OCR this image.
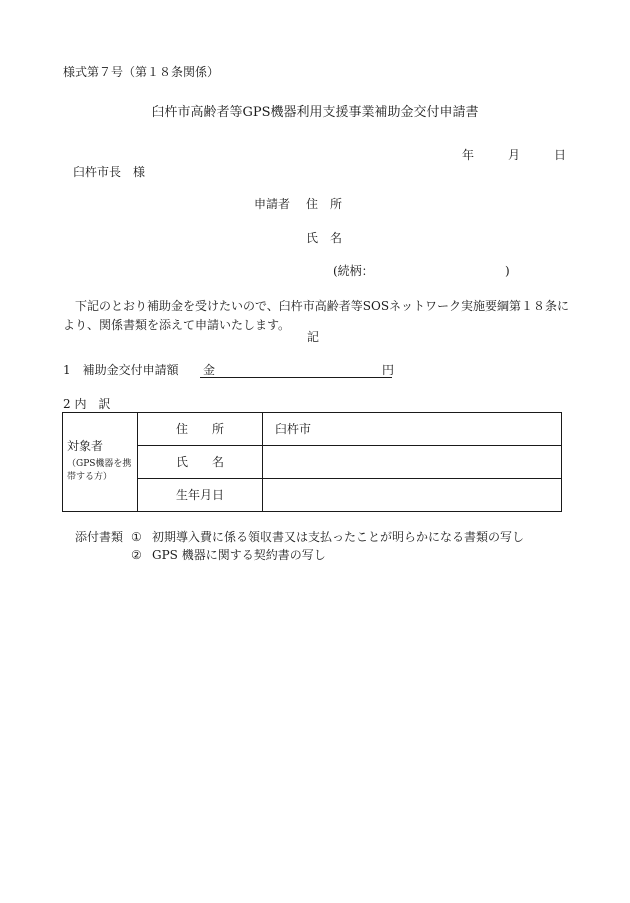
様式第７号（第１８条関係）
臼杵市高齢者等GPS機器利用支援事業補助金交付申請書
年	月	日
臼杵市長　様
申請者 住　所
氏　名
(続柄：	)
下記のとおり補助金を受けたいので、臼杵市高齢者等SOSネットワーク実施要綱第１８条により、関係書類を添えて申請いたします。
記
1　補助金交付申請額 金	円
2 内　訳
対象者
（GPS機器を携帯する方）	住　　所	臼杵市
	氏　　名	
	生年月日	
添付書類 ① 初期導入費に係る領収書又は支払ったことが明らかになる書類の写し
② GPS 機器に関する契約書の写し
